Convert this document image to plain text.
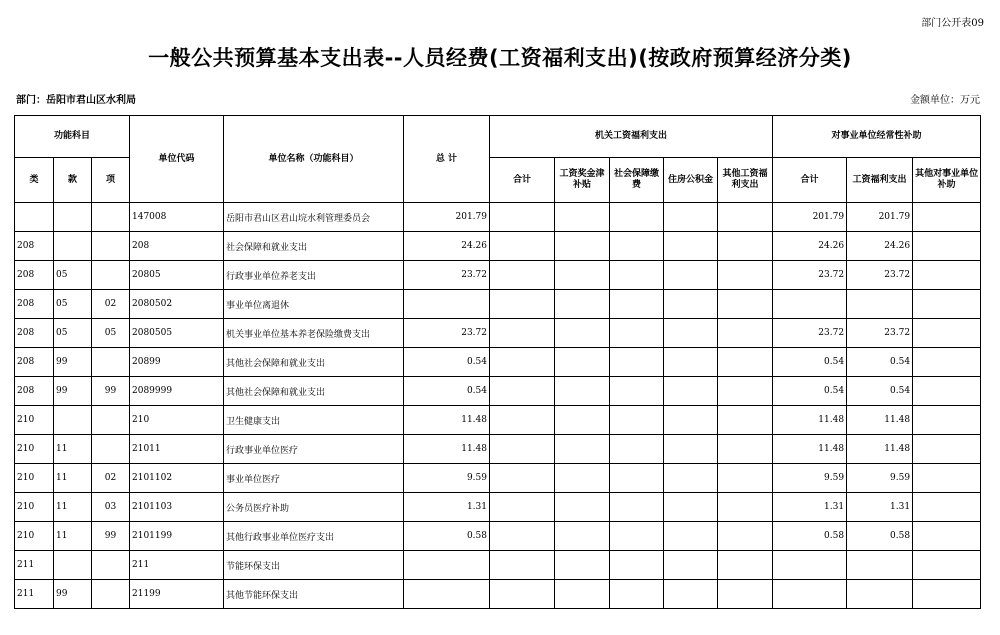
部门公开表09
一般公共预算基本支出表--人员经费(工资福利支出)(按政府预算经济分类)
部门：岳阳市君山区水利局	金额单位：万元
功能科目			单位代码	单位名称（功能科目）	总 计	机关工资福利支出					对事业单位经常性补助		
类	款	项				合计	工资奖金津补贴	社会保障缴费	住房公积金	其他工资福利支出	合计	工资福利支出	其他对事业单位补助
			147008	岳阳市君山区君山垸水利管理委员会	201.79						201.79	201.79	
208			208	社会保障和就业支出	24.26						24.26	24.26	
208	05		20805	行政事业单位养老支出	23.72						23.72	23.72	
208	05	02	2080502	事业单位离退休									
208	05	05	2080505	机关事业单位基本养老保险缴费支出	23.72						23.72	23.72	
208	99		20899	其他社会保障和就业支出	0.54						0.54	0.54	
208	99	99	2089999	其他社会保障和就业支出	0.54						0.54	0.54	
210			210	卫生健康支出	11.48						11.48	11.48	
210	11		21011	行政事业单位医疗	11.48						11.48	11.48	
210	11	02	2101102	事业单位医疗	9.59						9.59	9.59	
210	11	03	2101103	公务员医疗补助	1.31						1.31	1.31	
210	11	99	2101199	其他行政事业单位医疗支出	0.58						0.58	0.58	
211			211	节能环保支出									
211	99		21199	其他节能环保支出									
